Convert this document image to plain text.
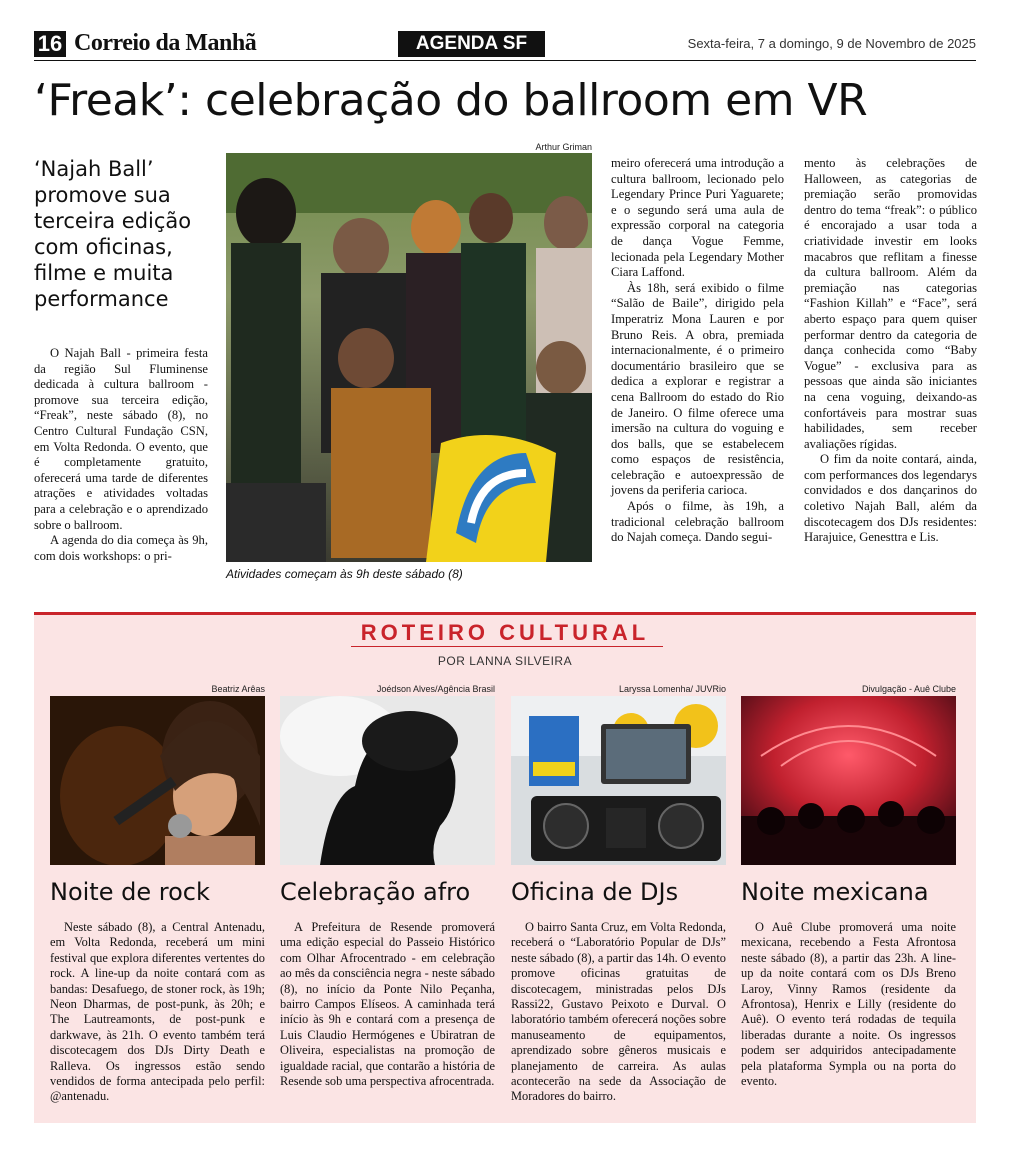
16 Correio da Manhã	AGENDA SF	Sexta-feira, 7 a domingo, 9 de Novembro de 2025
‘Freak’: celebração do ballroom em VR
‘Najah Ball’ promove sua terceira edição com oficinas, filme e muita performance

O Najah Ball - primeira festa da região Sul Fluminense dedicada à cultura ballroom - promove sua terceira edição, “Freak”, neste sábado (8), no Centro Cultural Fundação CSN, em Volta Redonda. O evento, que é completamente gratuito, oferecerá uma tarde de diferentes atrações e atividades voltadas para a celebração e o aprendizado sobre o ballroom.

A agenda do dia começa às 9h, com dois workshops: o pri-

Arthur Griman
Atividades começam às 9h deste sábado (8)

meiro oferecerá uma introdução a cultura ballroom, lecionado pelo Legendary Prince Puri Yaguarete; e o segundo será uma aula de expressão corporal na categoria de dança Vogue Femme, lecionada pela Legendary Mother Ciara Laffond.

Às 18h, será exibido o filme “Salão de Baile”, dirigido pela Imperatriz Mona Lauren e por Bruno Reis. A obra, premiada internacionalmente, é o primeiro documentário brasileiro que se dedica a explorar e registrar a cena Ballroom do estado do Rio de Janeiro. O filme oferece uma imersão na cultura do voguing e dos balls, que se estabelecem como espaços de resistência, celebração e autoexpressão de jovens da periferia carioca.

Após o filme, às 19h, a tradicional celebração ballroom do Najah começa. Dando segui-

mento às celebrações de Halloween, as categorias de premiação serão promovidas dentro do tema “freak”: o público é encorajado a usar toda a criatividade investir em looks macabros que reflitam a finesse da cultura ballroom. Além da premiação nas categorias “Fashion Killah” e “Face”, será aberto espaço para quem quiser performar dentro da categoria de dança conhecida como “Baby Vogue” - exclusiva para as pessoas que ainda são iniciantes na cena voguing, deixando-as confortáveis para mostrar suas habilidades, sem receber avaliações rígidas.

O fim da noite contará, ainda, com performances dos legendarys convidados e dos dançarinos do coletivo Najah Ball, além da discotecagem dos DJs residentes: Harajuice, Genesttra e Lis.

ROTEIRO CULTURAL
POR LANNA SILVEIRA
Beatriz Arêas
Noite de rock

Neste sábado (8), a Central Antenadu, em Volta Redonda, receberá um mini festival que explora diferentes vertentes do rock. A line-up da noite contará com as bandas: Desafuego, de stoner rock, às 19h; Neon Dharmas, de post-punk, às 20h; e The Lautreamonts, de post-punk e darkwave, às 21h. O evento também terá discotecagem dos DJs Dirty Death e Ralleva. Os ingressos estão sendo vendidos de forma antecipada pelo perfil: @antenadu.

Joédson Alves/Agência Brasil
Celebração afro

A Prefeitura de Resende promoverá uma edição especial do Passeio Histórico com Olhar Afrocentrado - em celebração ao mês da consciência negra - neste sábado (8), no início da Ponte Nilo Peçanha, bairro Campos Elíseos. A caminhada terá início às 9h e contará com a presença de Luis Claudio Hermógenes e Ubiratran de Oliveira, especialistas na promoção de igualdade racial, que contarão a história de Resende sob uma perspectiva afrocentrada.

Laryssa Lomenha/ JUVRio
Oficina de DJs

O bairro Santa Cruz, em Volta Redonda, receberá o “Laboratório Popular de DJs” neste sábado (8), a partir das 14h. O evento promove oficinas gratuitas de discotecagem, ministradas pelos DJs Rassi22, Gustavo Peixoto e Durval. O laboratório também oferecerá noções sobre manuseamento de equipamentos, aprendizado sobre gêneros musicais e planejamento de carreira. As aulas acontecerão na sede da Associação de Moradores do bairro.

Divulgação - Auê Clube
Noite mexicana

O Auê Clube promoverá uma noite mexicana, recebendo a Festa Afrontosa neste sábado (8), a partir das 23h. A line-up da noite contará com os DJs Breno Laroy, Vinny Ramos (residente da Afrontosa), Henrix e Lilly (residente do Auê). O evento terá rodadas de tequila liberadas durante a noite. Os ingressos podem ser adquiridos antecipadamente pela plataforma Sympla ou na porta do evento.
